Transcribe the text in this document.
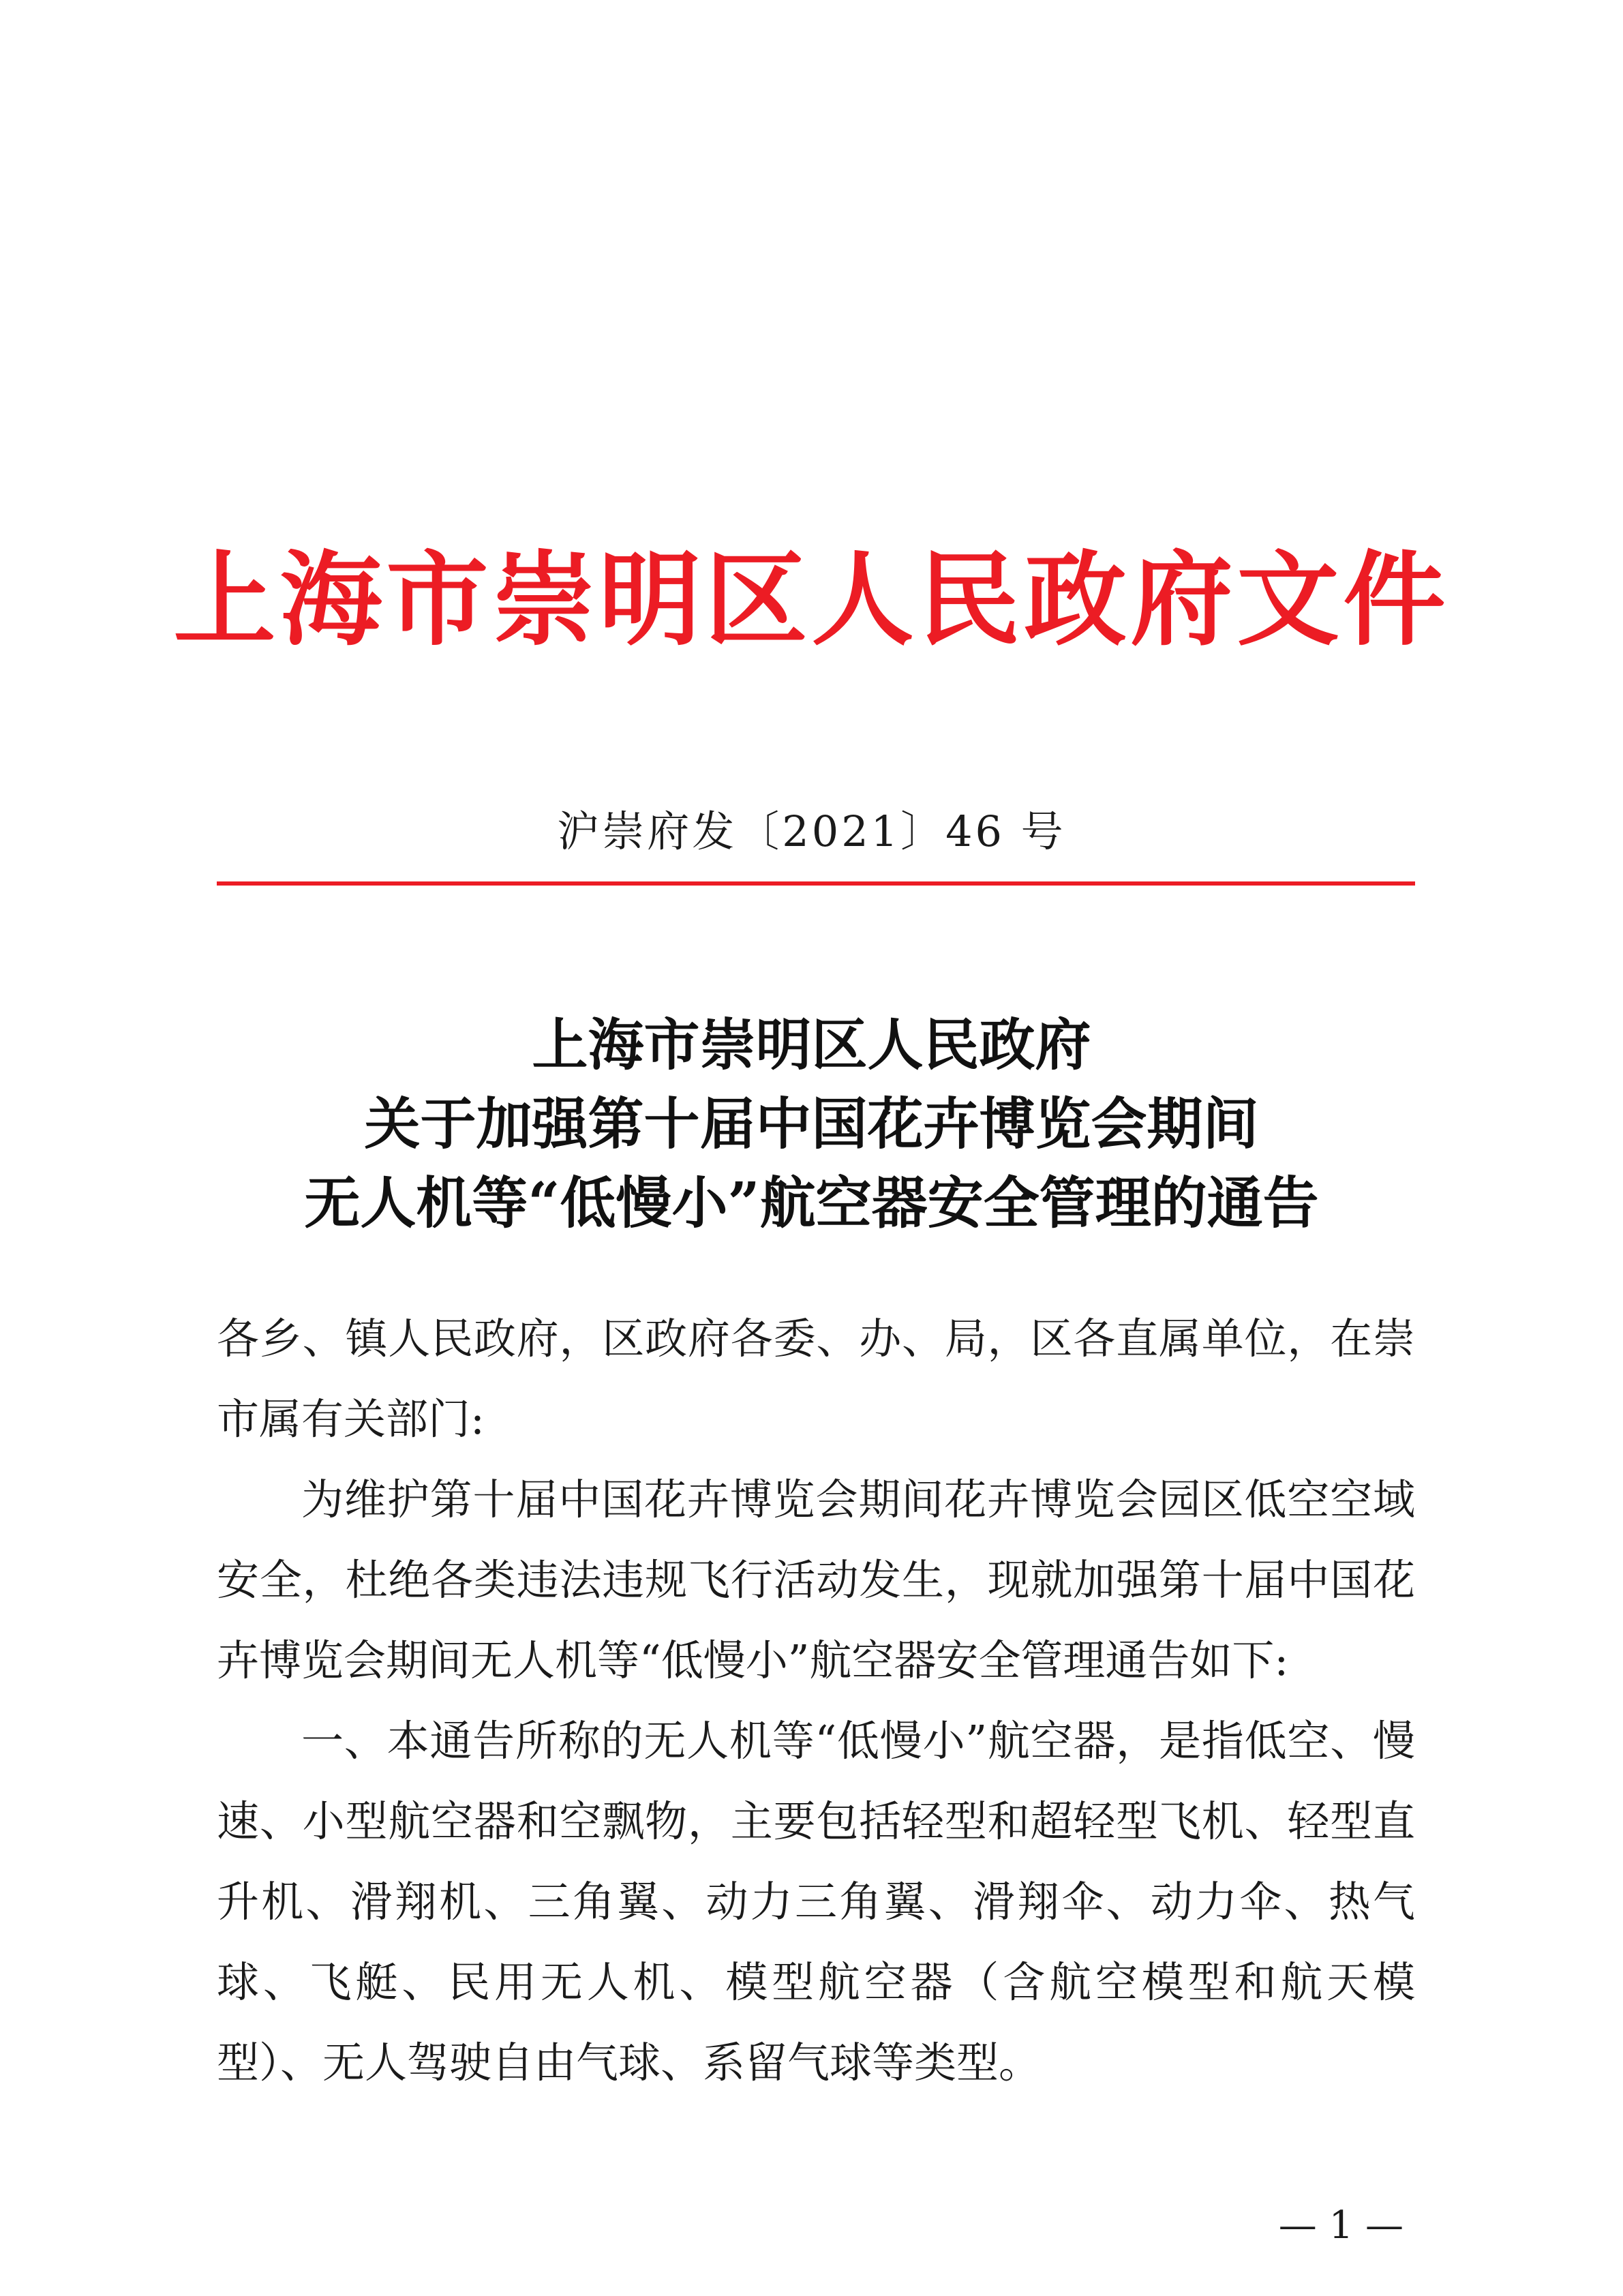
上海市崇明区人民政府文件
沪崇府发〔2021〕46 号
上海市崇明区人民政府
关于加强第十届中国花卉博览会期间
无人机等“低慢小”航空器安全管理的通告

各乡、镇人民政府，区政府各委、办、局，区各直属单位，在崇市属有关部门:

为维护第十届中国花卉博览会期间花卉博览会园区低空空域安全，杜绝各类违法违规飞行活动发生，现就加强第十届中国花卉博览会期间无人机等“低慢小”航空器安全管理通告如下:

一、本通告所称的无人机等“低慢小”航空器，是指低空、慢速、小型航空器和空飘物，主要包括轻型和超轻型飞机、轻型直升机、滑翔机、三角翼、动力三角翼、滑翔伞、动力伞、热气球、飞艇、民用无人机、模型航空器（含航空模型和航天模型）、无人驾驶自由气球、系留气球等类型。

— 1 —
